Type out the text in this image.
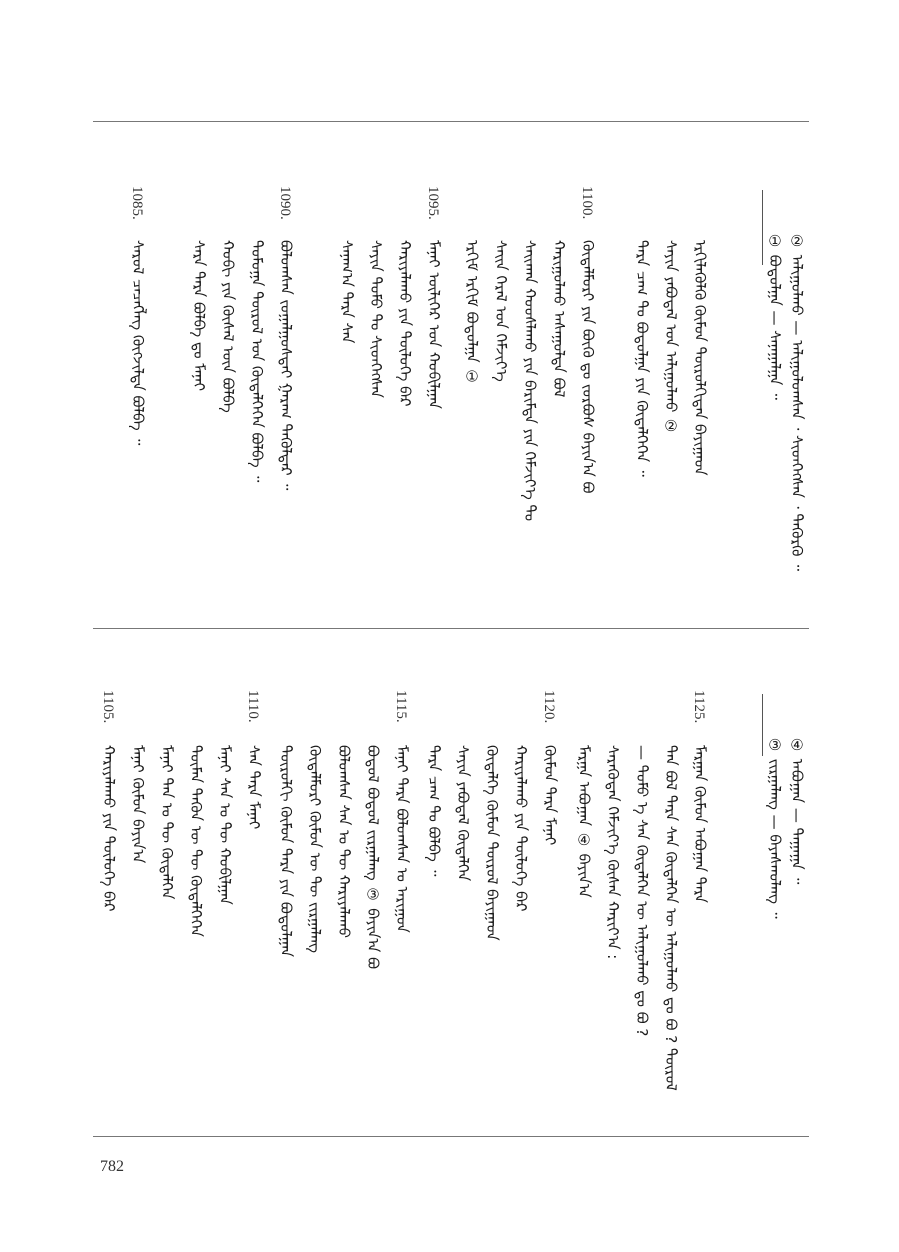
② ᠠᠯᠢᠭᠤᠯᠬᠤ — ᠠᠯᠢᠭᠤᠯᠤᠭᠰᠠᠨ ᠂ ᠰᠢᠳᠬᠡᠭᠰᠡᠨ ᠂ ᠲᠡᠭᠦᠷᠬᠦ ᠃
① ᠪᠤᠳᠤᠯᠭᠠ — ᠰᠠᠨᠠᠭᠠᠯᠭᠠ ᠃
ᠡᠷᠬᠢᠯᠡᠭᠦᠯᠬᠦ ᠬᠦᠮᠦᠨ ᠲᠥᠷᠥᠯᠬᠢᠲᠡᠨ ᠪᠠᠶᠢᠭᠠᠳ
ᠰᠠᠶᠢᠨ ᠶᠠᠪᠤᠳᠠᠯ ᠤᠨ ᠠᠯᠢᠭᠤᠯᠬᠤ ②
ᠲᠡᠷᠡ ᠴᠠᠭ ᠲᠤ ᠪᠣᠳᠤᠯᠭᠠ ᠶᠢᠨ ᠬᠥᠳᠡᠯᠭᠡᠭᠡᠨ ᠃
1100.
ᠬᠥᠳᠡᠯᠮᠦᠷᠢ ᠶᠢᠨ ᠪᠦᠬᠦ ᠳᠤ ᠵᠤᠷᠪᠤᠰ ᠪᠠᠶᠢᠨ᠎ᠠ ᠪᠣ
ᠬᠠᠷᠢᠭᠤᠯᠬᠤ ᠠᠰᠠᠭᠤᠯᠲᠠ ᠪᠣᠯ
ᠰᠠᠢᠬᠠᠨ ᠬᠣᠣᠰᠯᠠᠬᠤ ᠶᠢᠨ ᠪᠠᠷᠢᠮᠲᠠ ᠶᠢᠨ ᠬᠡᠮᠵᠢᠶ᠎ᠡ ᠲᠤ
ᠰᠠᠢᠨ ᠭᠡᠷᠡᠯ ᠤᠨ ᠬᠡᠮᠵᠢᠶ᠎ᠡ
ᠡᠷᠬᠢᠮ ᠡᠷᠬᠢᠮ ᠪᠤᠳᠤᠯᠭᠠ ①
1095.
ᠮᠠᠨᠠᠢ ᠦᠯᠢᠭᠡᠷ ᠤᠨ ᠬᠤᠪᠢᠯᠭᠠᠨ
ᠬᠠᠷᠢᠶᠠᠯᠠᠬᠤ ᠶᠢᠨ ᠲᠥᠯᠥᠭᠡ ᠪᠡᠷ
ᠰᠠᠶᠢᠨ ᠲᠣᠮᠤ ᠲᠤ ᠰᠢᠳᠬᠡᠭᠰᠡᠨ
ᠰᠠᠨᠠᠭ᠎ᠠ ᠲᠡᠷᠡ ᠰᠠᠨ
1090.
ᠪᠤᠯᠤᠭᠰᠠᠨ ᠵᠤᠭᠠᠯᠭᠤᠰᠲᠠᠢ ᠭᠠᠷᠠᠭ ᠲᠡᠭᠦᠯᠳᠡᠷ ᠃
ᠲᠣᠮᠤᠭᠠ ᠲᠥᠷᠥᠯ ᠤᠨ ᠬᠥᠳᠡᠯᠭᠡᠭᠡᠨ ᠪᠣᠯᠪᠠ ᠃
ᠬᠤᠪᠢ ᠶᠢᠨ ᠬᠦᠰᠡᠯ ᠦᠨ ᠪᠣᠯᠪᠠ
ᠰᠠᠷᠠ ᠲᠡᠷᠡ ᠪᠣᠯᠪᠠ ᠳᠤ ᠮᠠᠨᠠᠢ
1085.
ᠰᠠᠷᠤᠯ ᠴᠡᠴᠡᠭᠯᠡᠭ ᠬᠥᠭᠵᠢᠯᠲᠡ ᠪᠤᠯᠪᠠ ᠃
④ ᠠᠪᠤᠭᠠᠨ — ᠳᠠᠭᠠᠭᠠ ᠃
③ ᠵᠢᠷᠭᠠᠯᠠᠩ — ᠪᠠᠶᠠᠰᠬᠤᠯᠠᠩ ᠃
1125.
ᠮᠠᠷᠭᠠᠨ ᠬᠦᠮᠦᠨ ᠠᠪᠤᠭᠠᠨ ᠲᠡᠷᠡ
ᠲᠠᠨ ᠪᠣᠯ ᠲᠡᠷᠡ ᠰᠠᠨ ᠬᠥᠳᠡᠯᠭᠡᠨ ᠦ ᠠᠯᠢᠭᠤᠯᠬᠤ ᠳᠤ ᠪᠤ ? ᠲᠥᠷᠥᠯ
— ᠲᠣᠮᠤ ᠡ ᠰᠠᠨ ᠬᠥᠳᠡᠯᠭᠡᠨ ᠦ ᠠᠯᠢᠭᠤᠯᠬᠤ ᠳᠤ ᠪᠤ ?
ᠰᠡᠷᠡᠭᠦᠳᠡᠨ ᠬᠡᠮᠵᠢᠶ᠎ᠡ ᠬᠦᠰᠡᠨ ᠬᠠᠷᠢᠶ᠎ᠠ :
ᠮᠠᠷᠭᠠ ᠠᠪᠤᠭᠠᠨ ④ ᠪᠠᠶᠢᠨ᠎ᠠ
1120.
ᠬᠦᠮᠦᠨ ᠲᠡᠷᠡ ᠮᠠᠨᠠᠢ
ᠬᠠᠷᠢᠶᠠᠯᠠᠬᠤ ᠶᠢᠨ ᠲᠥᠯᠥᠭᠡ ᠪᠡᠷ
ᠬᠥᠳᠡᠯᠭᠡ ᠬᠦᠮᠦᠨ ᠲᠥᠷᠥᠯ ᠪᠠᠶᠢᠭᠠᠳ
ᠰᠠᠶᠢᠨ ᠶᠠᠪᠤᠳᠠᠯ ᠬᠥᠳᠡᠯᠭᠡᠨ
ᠲᠡᠷᠡ ᠴᠠᠭ ᠲᠤ ᠪᠣᠯᠪᠠ ᠃
1115.
ᠮᠠᠨᠠᠢ ᠲᠡᠷᠡ ᠪᠣᠯᠤᠭᠰᠠᠨ ᠤ ᠠᠷᠢᠭᠤᠨ
ᠪᠣᠳᠤᠯ ᠪᠣᠳᠤᠯ ᠵᠢᠷᠭᠠᠯᠠᠩ ③ ᠪᠠᠶᠢᠨ᠎ᠠ ᠪᠣ
ᠪᠣᠯᠤᠭᠰᠠᠨ ᠰᠠᠨ ᠤ ᠲᠦ ᠬᠠᠷᠢᠶᠠᠯᠠᠬᠤ
ᠬᠥᠳᠡᠯᠮᠦᠷᠢ ᠬᠦᠮᠦᠨ ᠦ ᠲᠦ ᠵᠢᠷᠭᠠᠯᠠᠩ
ᠲᠥᠷᠥᠯᠬᠢ ᠬᠦᠮᠦᠨ ᠲᠡᠷᠡ ᠶᠢᠨ ᠪᠣᠳᠤᠯᠭᠠᠨ
1110.
ᠰᠠᠨ ᠲᠡᠷᠡ ᠮᠠᠨᠠᠢ
ᠮᠠᠨᠠᠢ ᠰᠠᠨ ᠤ ᠲᠦ ᠬᠤᠪᠢᠯᠭᠠᠨ
ᠲᠦᠮᠡᠨ ᠲᠡᠭᠦᠨ ᠦ ᠲᠦ ᠬᠥᠳᠡᠯᠭᠡᠭᠡᠨ
ᠮᠠᠨᠠᠢ ᠲᠠᠨ ᠤ ᠲᠦ ᠬᠥᠳᠡᠯᠭᠡᠨ
ᠮᠠᠨᠠᠢ ᠬᠦᠮᠦᠨ ᠪᠠᠶᠢᠨ᠎ᠠ
1105.
ᠬᠠᠷᠢᠶᠠᠯᠠᠬᠤ ᠶᠢᠨ ᠲᠥᠯᠥᠭᠡ ᠪᠡᠷ
782
